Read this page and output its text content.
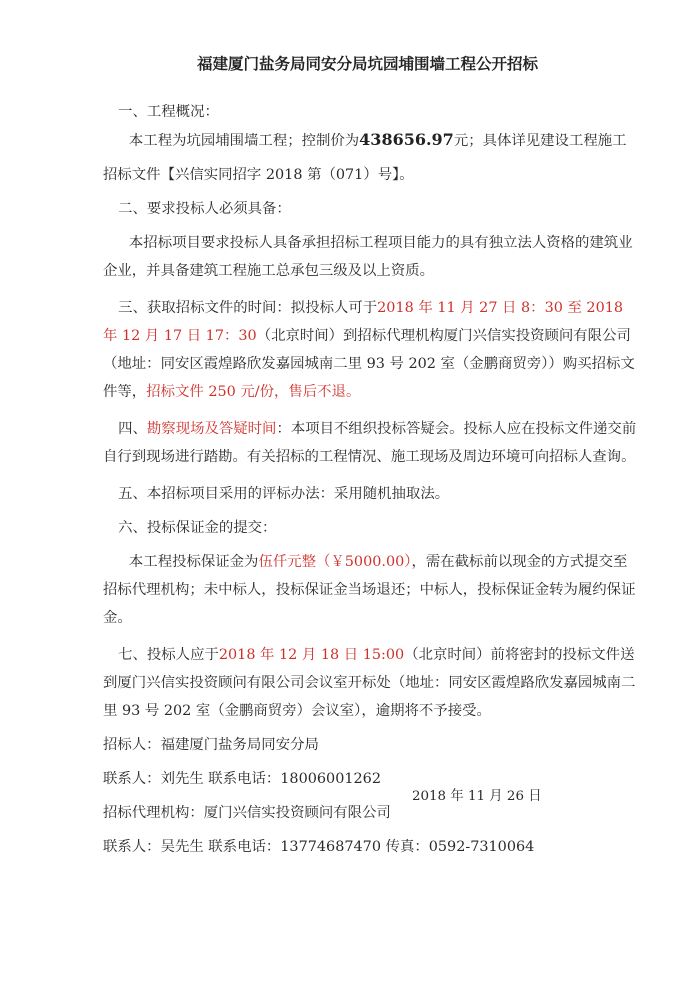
福建厦门盐务局同安分局坑园埔围墙工程公开招标

一、工程概况：

本工程为坑园埔围墙工程；控制价为438656.97元；具体详见建设工程施工

招标文件【兴信实同招字 2018 第（071）号】。

二、要求投标人必须具备：

本招标项目要求投标人具备承担招标工程项目能力的具有独立法人资格的建筑业企业，并具备建筑工程施工总承包三级及以上资质。

三、获取招标文件的时间：拟投标人可于2018 年 11 月 27 日 8：30 至 2018 年 12 月 17 日 17：30（北京时间）到招标代理机构厦门兴信实投资顾问有限公司（地址：同安区霞煌路欣发嘉园城南二里 93 号 202 室（金鹏商贸旁））购买招标文件等，招标文件 250 元/份，售后不退。

四、勘察现场及答疑时间：本项目不组织投标答疑会。投标人应在投标文件递交前自行到现场进行踏勘。有关招标的工程情况、施工现场及周边环境可向招标人查询。

五、本招标项目采用的评标办法：采用随机抽取法。

六、投标保证金的提交：

本工程投标保证金为伍仟元整（￥5000.00），需在截标前以现金的方式提交至招标代理机构；未中标人，投标保证金当场退还；中标人，投标保证金转为履约保证金。

七、投标人应于2018 年 12 月 18 日 15:00（北京时间）前将密封的投标文件送到厦门兴信实投资顾问有限公司会议室开标处（地址：同安区霞煌路欣发嘉园城南二里 93 号 202 室（金鹏商贸旁）会议室），逾期将不予接受。

招标人：福建厦门盐务局同安分局

联系人：刘先生 联系电话：18006001262

招标代理机构：厦门兴信实投资顾问有限公司

联系人：吴先生 联系电话：13774687470 传真：0592-7310064

2018 年 11 月 26 日
